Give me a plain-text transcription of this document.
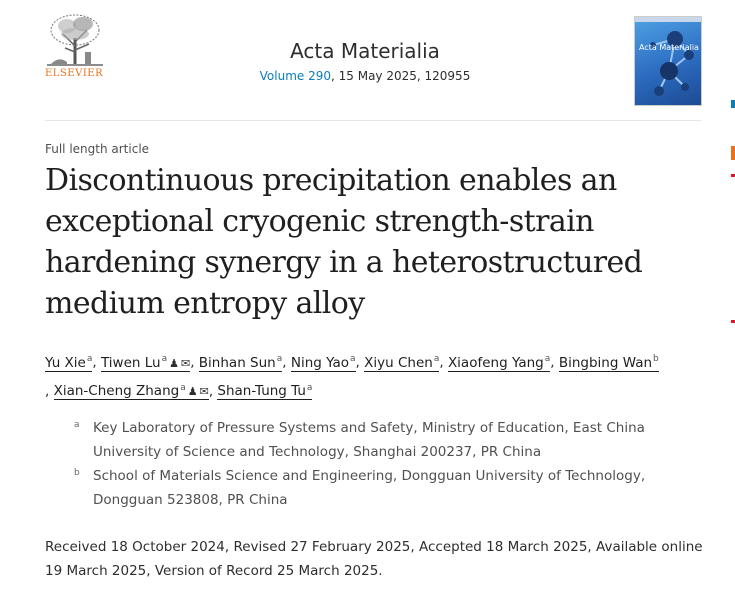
ELSEVIER
Acta Materialia
Volume 290, 15 May 2025, 120955
Acta Materialia
Full length article
Discontinuous precipitation enables an exceptional cryogenic strength-strain hardening synergy in a heterostructured medium entropy alloy
Yu Xie$^a$, Tiwen Lu$^a$ ♟ ✉, Binhan Sun$^a$, Ning Yao$^a$, Xiyu Chen$^a$, Xiaofeng Yang$^a$, Bingbing Wan$^b$
, Xian-Cheng Zhang$^a$ ♟ ✉, Shan-Tung Tu$^a$
a Key Laboratory of Pressure Systems and Safety, Ministry of Education, East China University of Science and Technology, Shanghai 200237, PR China
b School of Materials Science and Engineering, Dongguan University of Technology, Dongguan 523808, PR China
Received 18 October 2024, Revised 27 February 2025, Accepted 18 March 2025, Available online 19 March 2025, Version of Record 25 March 2025.
